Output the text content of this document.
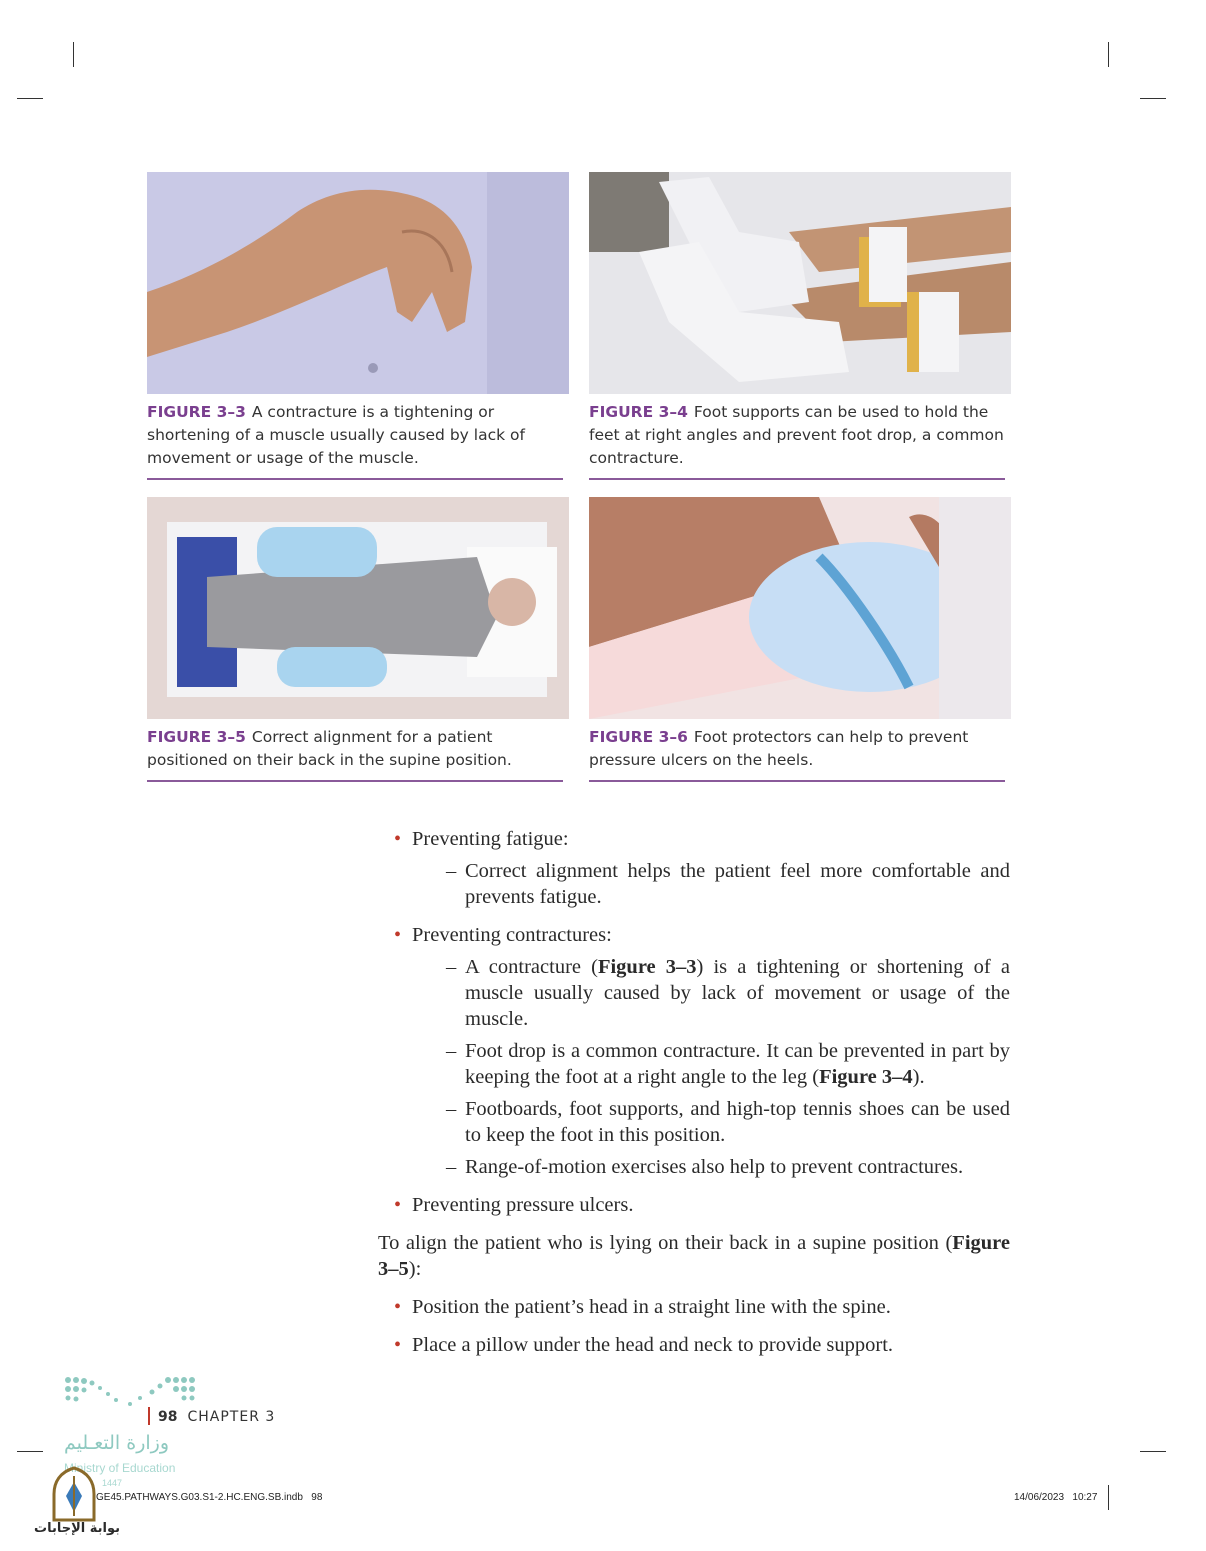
FIGURE 3–3 A contracture is a tightening or shortening of a muscle usually caused by lack of movement or usage of the muscle.
FIGURE 3–4 Foot supports can be used to hold the feet at right angles and prevent foot drop, a common contracture.
FIGURE 3–5 Correct alignment for a patient positioned on their back in the supine position.
FIGURE 3–6 Foot protectors can help to prevent pressure ulcers on the heels.
• Preventing fatigue:
– Correct alignment helps the patient feel more comfortable and prevents fatigue.
• Preventing contractures:
– A contracture (Figure 3–3) is a tightening or shortening of a muscle usually caused by lack of movement or usage of the muscle.
– Foot drop is a common contracture. It can be prevented in part by keeping the foot at a right angle to the leg (Figure 3–4).
– Footboards, foot supports, and high-top tennis shoes can be used to keep the foot in this position.
– Range-of-motion exercises also help to prevent contractures.
• Preventing pressure ulcers.

To align the patient who is lying on their back in a supine position (Figure 3–5):

• Position the patient’s head in a straight line with the spine.
• Place a pillow under the head and neck to provide support.
98 CHAPTER 3
وزارة التعـليم
Ministry of Education
1447
بوابة الإجابات
GE45.PATHWAYS.G03.S1-2.HC.ENG.SB.indb   98	14/06/2023   10:27
